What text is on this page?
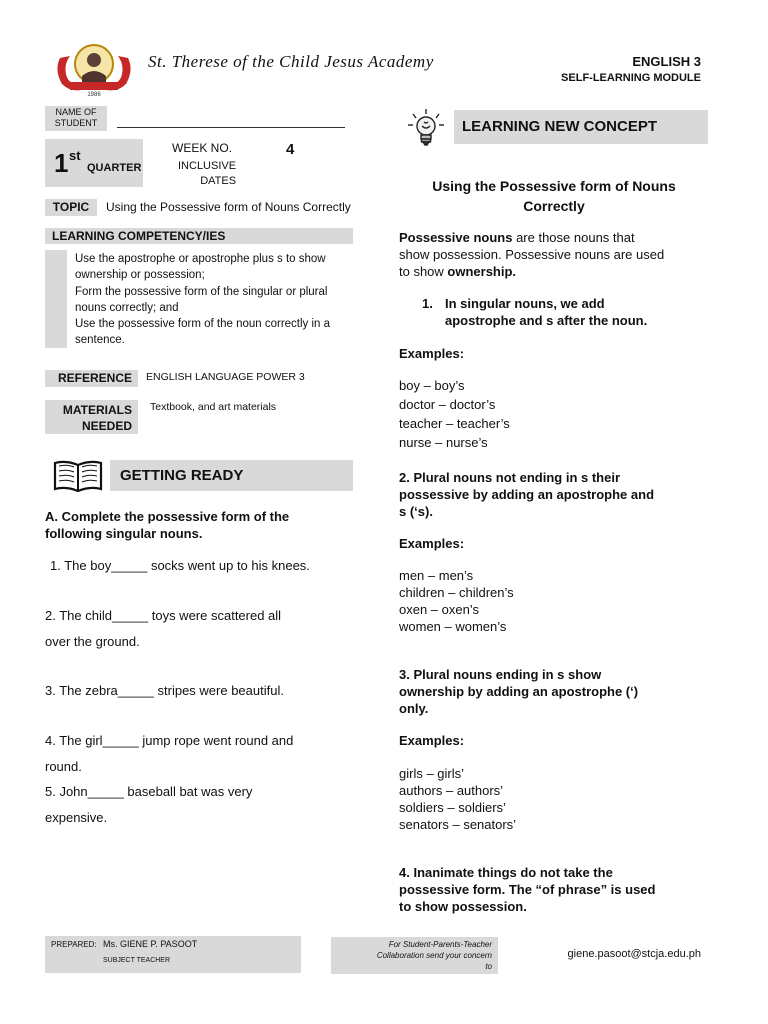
1986
St. Therese of the Child Jesus Academy	ENGLISH 3
SELF-LEARNING MODULE
NAME OF
STUDENT
1 st
QUARTER
WEEK NO.	4
INCLUSIVE
DATES
TOPIC	Using the Possessive form of Nouns Correctly
LEARNING COMPETENCY/IES
Use the apostrophe or apostrophe plus s to show
ownership or possession;
Form the possessive form of the singular or plural
nouns correctly; and
Use the possessive form of the noun correctly in a
sentence.
REFERENCE	ENGLISH LANGUAGE POWER 3
MATERIALS
NEEDED
Textbook, and art materials
GETTING READY
A. Complete the possessive form of the
following singular nouns.
1. The boy_____ socks went up to his knees.
2. The child_____ toys were scattered all
over the ground.
3. The zebra_____ stripes were beautiful.
4. The girl_____ jump rope went round and
round.
5. John_____ baseball bat was very
expensive.
LEARNING NEW CONCEPT
Using the Possessive form of Nouns
Correctly
Possessive nouns are those nouns that
show possession. Possessive nouns are used
to show ownership.
1. In singular nouns, we add
apostrophe and s after the noun.
Examples:
boy – boy’s
doctor – doctor’s
teacher – teacher’s
nurse – nurse’s
2. Plural nouns not ending in s their
possessive by adding an apostrophe and
s (‘s).
Examples:
men – men’s
children – children’s
oxen – oxen’s
women – women’s
3. Plural nouns ending in s show
ownership by adding an apostrophe (‘)
only.
Examples:
girls – girls’
authors – authors’
soldiers – soldiers’
senators – senators’
4. Inanimate things do not take the
possessive form. The “of phrase” is used
to show possession.
PREPARED: Ms. GIENE P. PASOOT
SUBJECT TEACHER
For Student-Parents-Teacher
Collaboration send your concern
to
giene.pasoot@stcja.edu.ph
